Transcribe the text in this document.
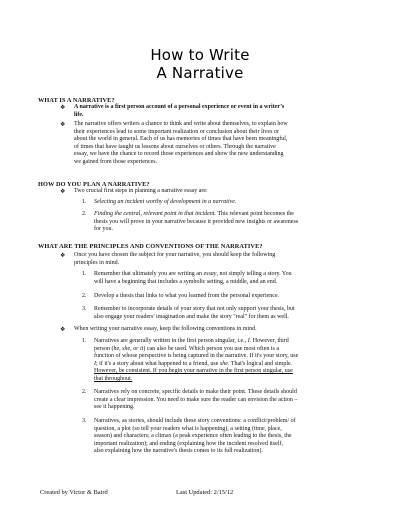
How to Write
A Narrative
WHAT IS A NARRATIVE?
❖ A narrative is a first person account of a personal experience or event in a writer’s
life.
❖ The narrative offers writers a chance to think and write about themselves, to explain how
their experiences lead to some important realization or conclusion about their lives or
about the world in general. Each of us has memories of times that have been meaningful,
of times that have taught us lessons about ourselves or others. Through the narrative
essay, we have the chance to record those experiences and show the new understanding
we gained from those experiences.
HOW DO YOU PLAN A NARRATIVE?
❖ Two crucial first steps in planning a narrative essay are:
1. Selecting an incident worthy of development in a narrative.
2. Finding the central, relevant point in that incident. This relevant point becomes the
thesis you will prove in your narrative because it provided new insights or awareness
for you.
WHAT ARE THE PRINCIPLES AND CONVENTIONS OF THE NARRATIVE?
❖ Once you have chosen the subject for your narrative, you should keep the following
principles in mind.
1. Remember that ultimately you are writing an essay, not simply telling a story. You
will have a beginning that includes a symbolic setting, a middle, and an end.
2. Develop a thesis that links to what you learned from the personal experience.
3. Remember to incorporate details of your story that not only support your thesis, but
also engage your readers' imagination and make the story "real" for them as well.
❖ When writing your narrative essay, keep the following conventions in mind.
1. Narratives are generally written in the first person singular, i.e., I. However, third
person (he, she, or it) can also be used. Which person you use most often is a
function of whose perspective is being captured in the narrative. If it's your story, use
I; if it's a story about what happened to a friend, use she. That's logical and simple.
However, be consistent. If you begin your narrative in the first person singular, use
that throughout.
2. Narratives rely on concrete, specific details to make their point. These details should
create a clear impression. You need to make sure the reader can envision the action –
see it happening.
3. Narratives, as stories, should include these story conventions: a conflict/problem/ of
question, a plot (so tell your readers what is happening), a setting (time, place,
season) and characters; a climax (a peak experience often leading to the thesis, the
important realization); and ending (explaining how the incident resolved itself,
also explaining how the narrative's thesis comes to its full realization).
Created by Victor & Baird	Last Updated: 2/15/12
